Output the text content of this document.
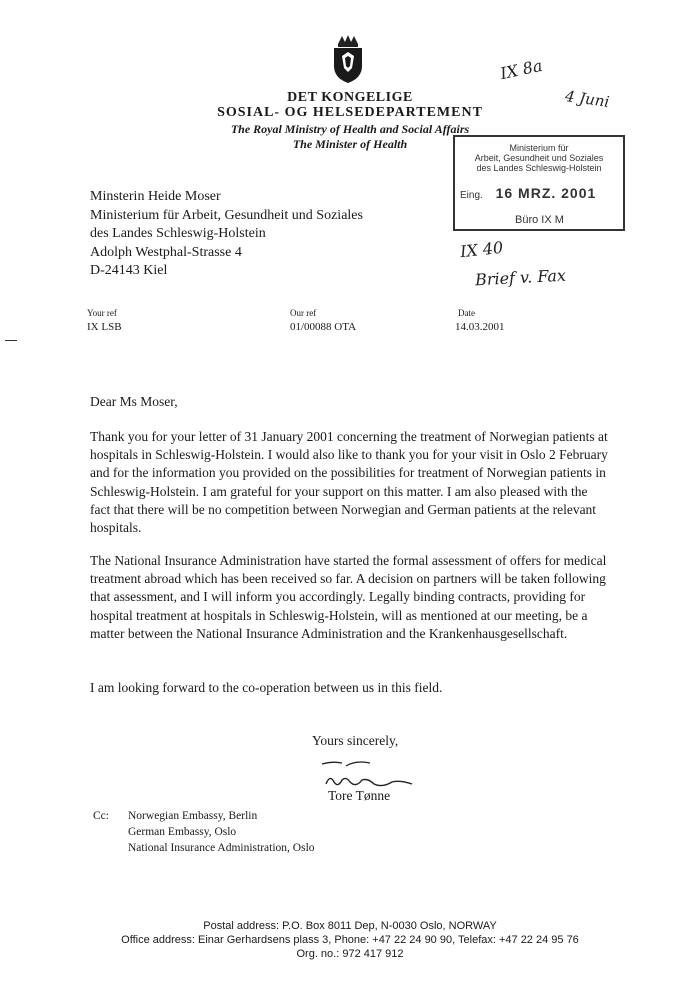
DET KONGELIGE
SOSIAL- OG HELSEDEPARTEMENT
The Royal Ministry of Health and Social Affairs
The Minister of Health
IX 8a
4 Juni
IX 40
Brief v. Fax
Ministerium für
Arbeit, Gesundheit und Soziales
des Landes Schleswig-Holstein
Eing. 16 MRZ. 2001
Büro IX M
Minsterin Heide Moser
Ministerium für Arbeit, Gesundheit und Soziales
des Landes Schleswig-Holstein
Adolph Westphal-Strasse 4
D-24143 Kiel
Your ref
IX LSB
Our ref
01/00088 OTA
Date
14.03.2001
Dear Ms Moser,
Thank you for your letter of 31 January 2001 concerning the treatment of Norwegian patients at hospitals in Schleswig-Holstein. I would also like to thank you for your visit in Oslo 2 February and for the information you provided on the possibilities for treatment of Norwegian patients in Schleswig-Holstein. I am grateful for your support on this matter. I am also pleased with the fact that there will be no competition between Norwegian and German patients at the relevant hospitals.
The National Insurance Administration have started the formal assessment of offers for medical treatment abroad which has been received so far. A decision on partners will be taken following that assessment, and I will inform you accordingly. Legally binding contracts, providing for hospital treatment at hospitals in Schleswig-Holstein, will as mentioned at our meeting, be a matter between the National Insurance Administration and the Krankenhausgesellschaft.
I am looking forward to the co-operation between us in this field.
Yours sincerely,
Tore Tønne
Cc: Norwegian Embassy, Berlin
German Embassy, Oslo
National Insurance Administration, Oslo
Postal address: P.O. Box 8011 Dep, N-0030 Oslo, NORWAY
Office address: Einar Gerhardsens plass 3, Phone: +47 22 24 90 90, Telefax: +47 22 24 95 76
Org. no.: 972 417 912
